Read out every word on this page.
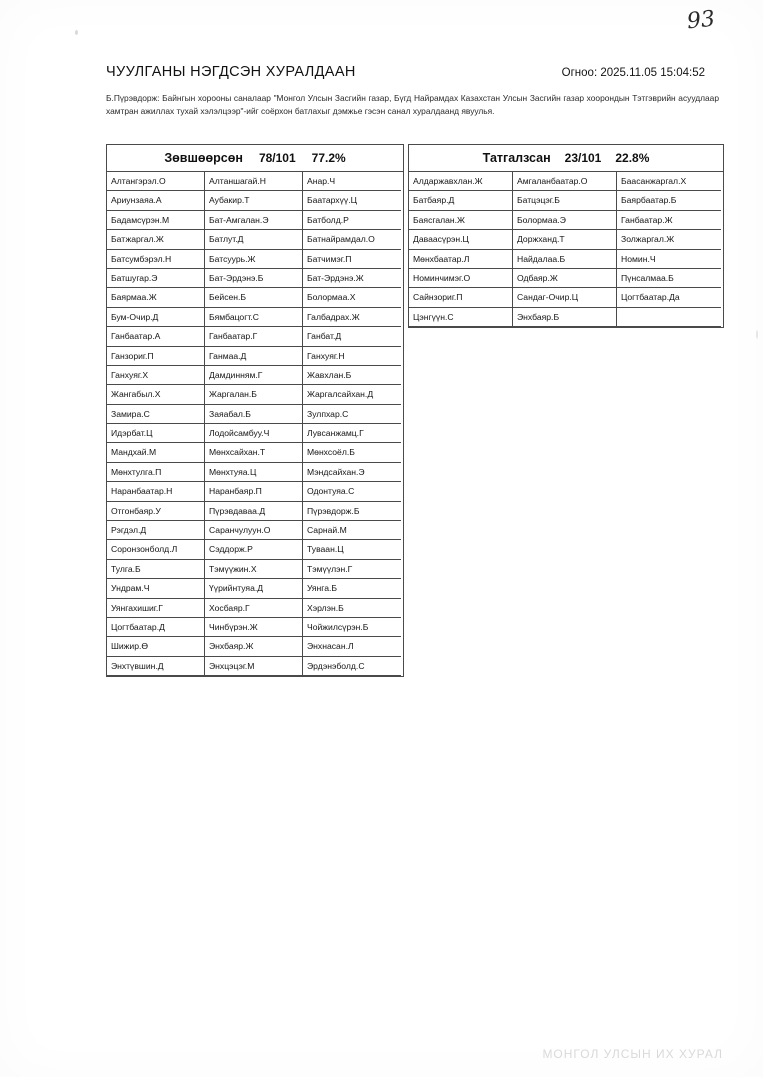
93
ЧУУЛГАНЫ НЭГДСЭН ХУРАЛДААН	Огноо: 2025.11.05 15:04:52
Б.Пүрэвдорж: Байнгын хорооны саналаар "Монгол Улсын Засгийн газар, Бүгд Найрамдах Казахстан Улсын Засгийн газар хоорондын Тэтгэврийн асуудлаар хамтран ажиллах тухай хэлэлцээр"-ийг соёрхон батлахыг дэмжье гэсэн санал хуралдаанд явуулья.
Зөвшөөрсөн 78/101 77.2%
Алтангэрэл.О	Алтаншагай.Н	Анар.Ч
Ариунзаяа.А	Аубакир.Т	Баатархүү.Ц
Бадамсүрэн.М	Бат-Амгалан.Э	Батболд.Р
Батжаргал.Ж	Батлут.Д	Батнайрамдал.О
Батсумбэрэл.Н	Батсуурь.Ж	Батчимэг.П
Батшугар.Э	Бат-Эрдэнэ.Б	Бат-Эрдэнэ.Ж
Баярмаа.Ж	Бейсен.Б	Болормаа.Х
Бум-Очир.Д	Бямбацогт.С	Галбадрах.Ж
Ганбаатар.А	Ганбаатар.Г	Ганбат.Д
Ганзориг.П	Ганмаа.Д	Ганхуяг.Н
Ганхуяг.Х	Дамдинням.Г	Жавхлан.Б
Жангабыл.Х	Жаргалан.Б	Жаргалсайхан.Д
Замира.С	Заяабал.Б	Зулпхар.С
Идэрбат.Ц	Лодойсамбуу.Ч	Лувсанжамц.Г
Мандхай.М	Мөнхсайхан.Т	Мөнхсоёл.Б
Мөнхтулга.П	Мөнхтуяа.Ц	Мэндсайхан.Э
Наранбаатар.Н	Наранбаяр.П	Одонтуяа.С
Отгонбаяр.У	Пүрэвдаваа.Д	Пүрэвдорж.Б
Рэгдэл.Д	Саранчулуун.О	Сарнай.М
Соронзонболд.Л	Сэддорж.Р	Туваан.Ц
Тулга.Б	Тэмүүжин.Х	Тэмүүлэн.Г
Ундрам.Ч	Үүрийнтуяа.Д	Уянга.Б
Уянгахишиг.Г	Хосбаяр.Г	Хэрлэн.Б
Цогтбаатар.Д	Чинбүрэн.Ж	Чойжилсүрэн.Б
Шижир.Ө	Энхбаяр.Ж	Энхнасан.Л
Энхтүвшин.Д	Энхцэцэг.М	Эрдэнэболд.С
Татгалзсан 23/101 22.8%
Алдаржавхлан.Ж	Амгаланбаатар.О	Баасанжаргал.Х
Батбаяр.Д	Батцэцэг.Б	Баярбаатар.Б
Баясгалан.Ж	Болормаа.Э	Ганбаатар.Ж
Даваасүрэн.Ц	Доржханд.Т	Золжаргал.Ж
Мөнхбаатар.Л	Найдалаа.Б	Номин.Ч
Номинчимэг.О	Одбаяр.Ж	Пүнсалмаа.Б
Сайнзориг.П	Сандаг-Очир.Ц	Цогтбаатар.Да
Цэнгүүн.С	Энхбаяр.Б
МОНГОЛ УЛСЫН ИХ ХУРАЛ
